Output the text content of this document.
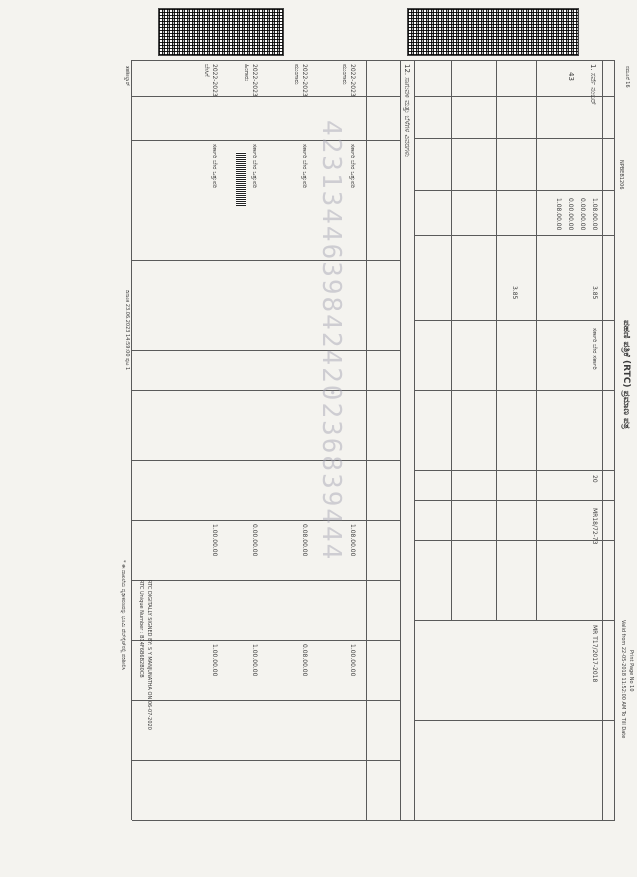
ಪಹಣಿ ಪತ್ರಿಕೆ (RTC) ಪ್ರಮಾಣ ಪತ್ರ
Print Page No 10
Valid from 22-05-2018 11:52:00 AM To Till Date
ನಮೂನೆ 16
NPBEB1206
1. ಸರ್ವೆ ನಂಬರ್
43
1.08.00.00
0.00.00.00
0.00.00.00
1.08.00.00
3.85
3.85
ಸರ್ಕಾರಿ ಬೇರ ಸರ್ಕಾರಿ
20
MR18/72-73
MR T17/2017-2018
12. ಸಾಗುವಳಿ ಮತ್ತು ಬೆಳೆಗಳ ವಿವರಗಳು
2022-2023
ಮುಂಗಾರು
ಸರ್ಕಾರಿ ಬೇರ ಒತ್ತುವರಿ
1.08.00.00
1.00.00.00
2022-2023
ಮುಂಗಾರು
ಸರ್ಕಾರಿ ಬೇರ ಒತ್ತುವರಿ
0.08.00.00
0.08.00.00
2022-2023
ಹಿಂಗಾರು
ಸರ್ಕಾರಿ ಬೇರ ಒತ್ತುವರಿ
0.00.00.00
1.00.00.00
2022-2023
ಬೇಸಿಗೆ
ಸರ್ಕಾರಿ ಬೇರ ಒತ್ತುವರಿ
1.00.00.00
1.00.00.00
4231344639842420236839444
ತಹಶೀಲ್ದಾರ್
ದಿನಾಂಕ 23.06.2023 14:59:00 ಪುಟ 1
RTC DIGITALLY SIGNED BY: S Y MANJUNATHA ON 06-07-2020
RTC Unique Number : B14F6B6B2B0CB
* ಈ ದಾಖಲೆಯ ದೃಢೀಕರಣವನ್ನು ಭೂಮಿ ವೆಬ್‌ಸೈಟ್‌ನಲ್ಲಿ ಪರಿಶೀಲಿಸಿ
